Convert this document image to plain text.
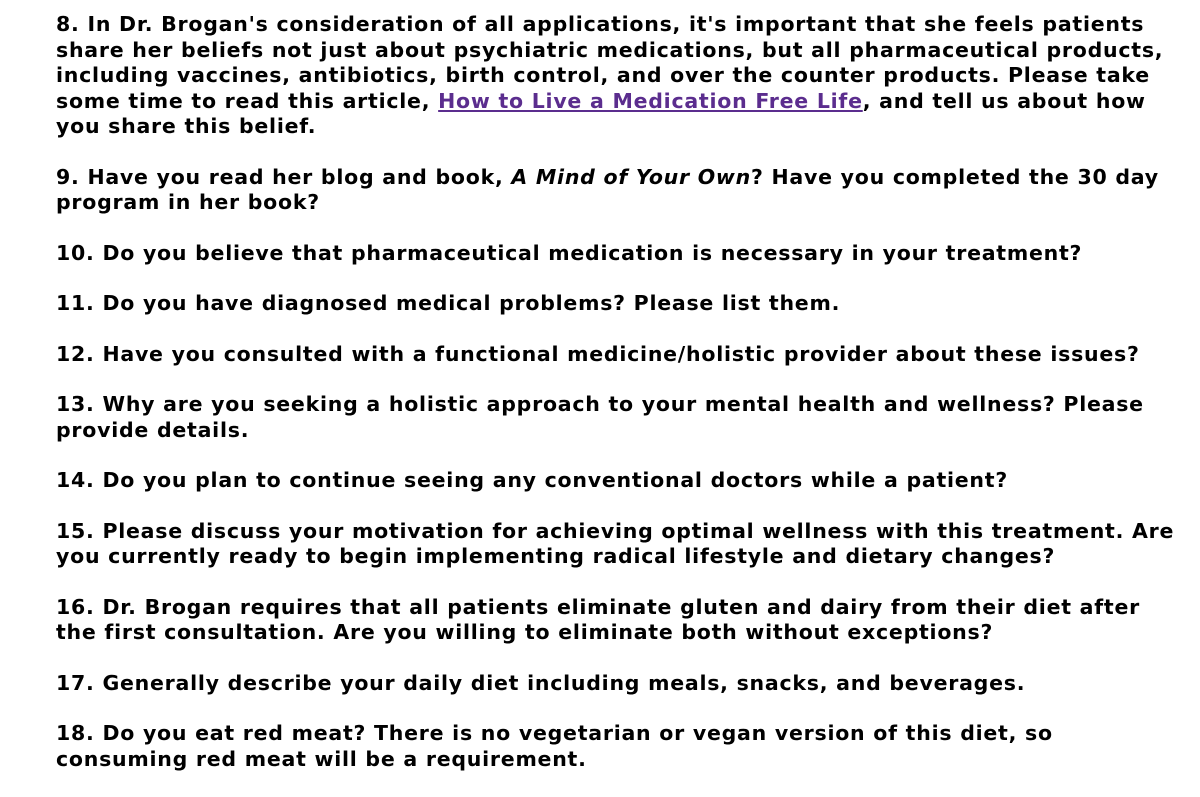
8. In Dr. Brogan's consideration of all applications, it's important that she feels patients share her beliefs not just about psychiatric medications, but all pharmaceutical products, including vaccines, antibiotics, birth control, and over the counter products. Please take some time to read this article, How to Live a Medication Free Life, and tell us about how you share this belief.

9. Have you read her blog and book, A Mind of Your Own? Have you completed the 30 day program in her book?

10. Do you believe that pharmaceutical medication is necessary in your treatment?

11. Do you have diagnosed medical problems? Please list them.

12. Have you consulted with a functional medicine/holistic provider about these issues?

13. Why are you seeking a holistic approach to your mental health and wellness? Please provide details.

14. Do you plan to continue seeing any conventional doctors while a patient?

15. Please discuss your motivation for achieving optimal wellness with this treatment. Are you currently ready to begin implementing radical lifestyle and dietary changes?

16. Dr. Brogan requires that all patients eliminate gluten and dairy from their diet after the first consultation. Are you willing to eliminate both without exceptions?

17. Generally describe your daily diet including meals, snacks, and beverages.

18. Do you eat red meat? There is no vegetarian or vegan version of this diet, so consuming red meat will be a requirement.
